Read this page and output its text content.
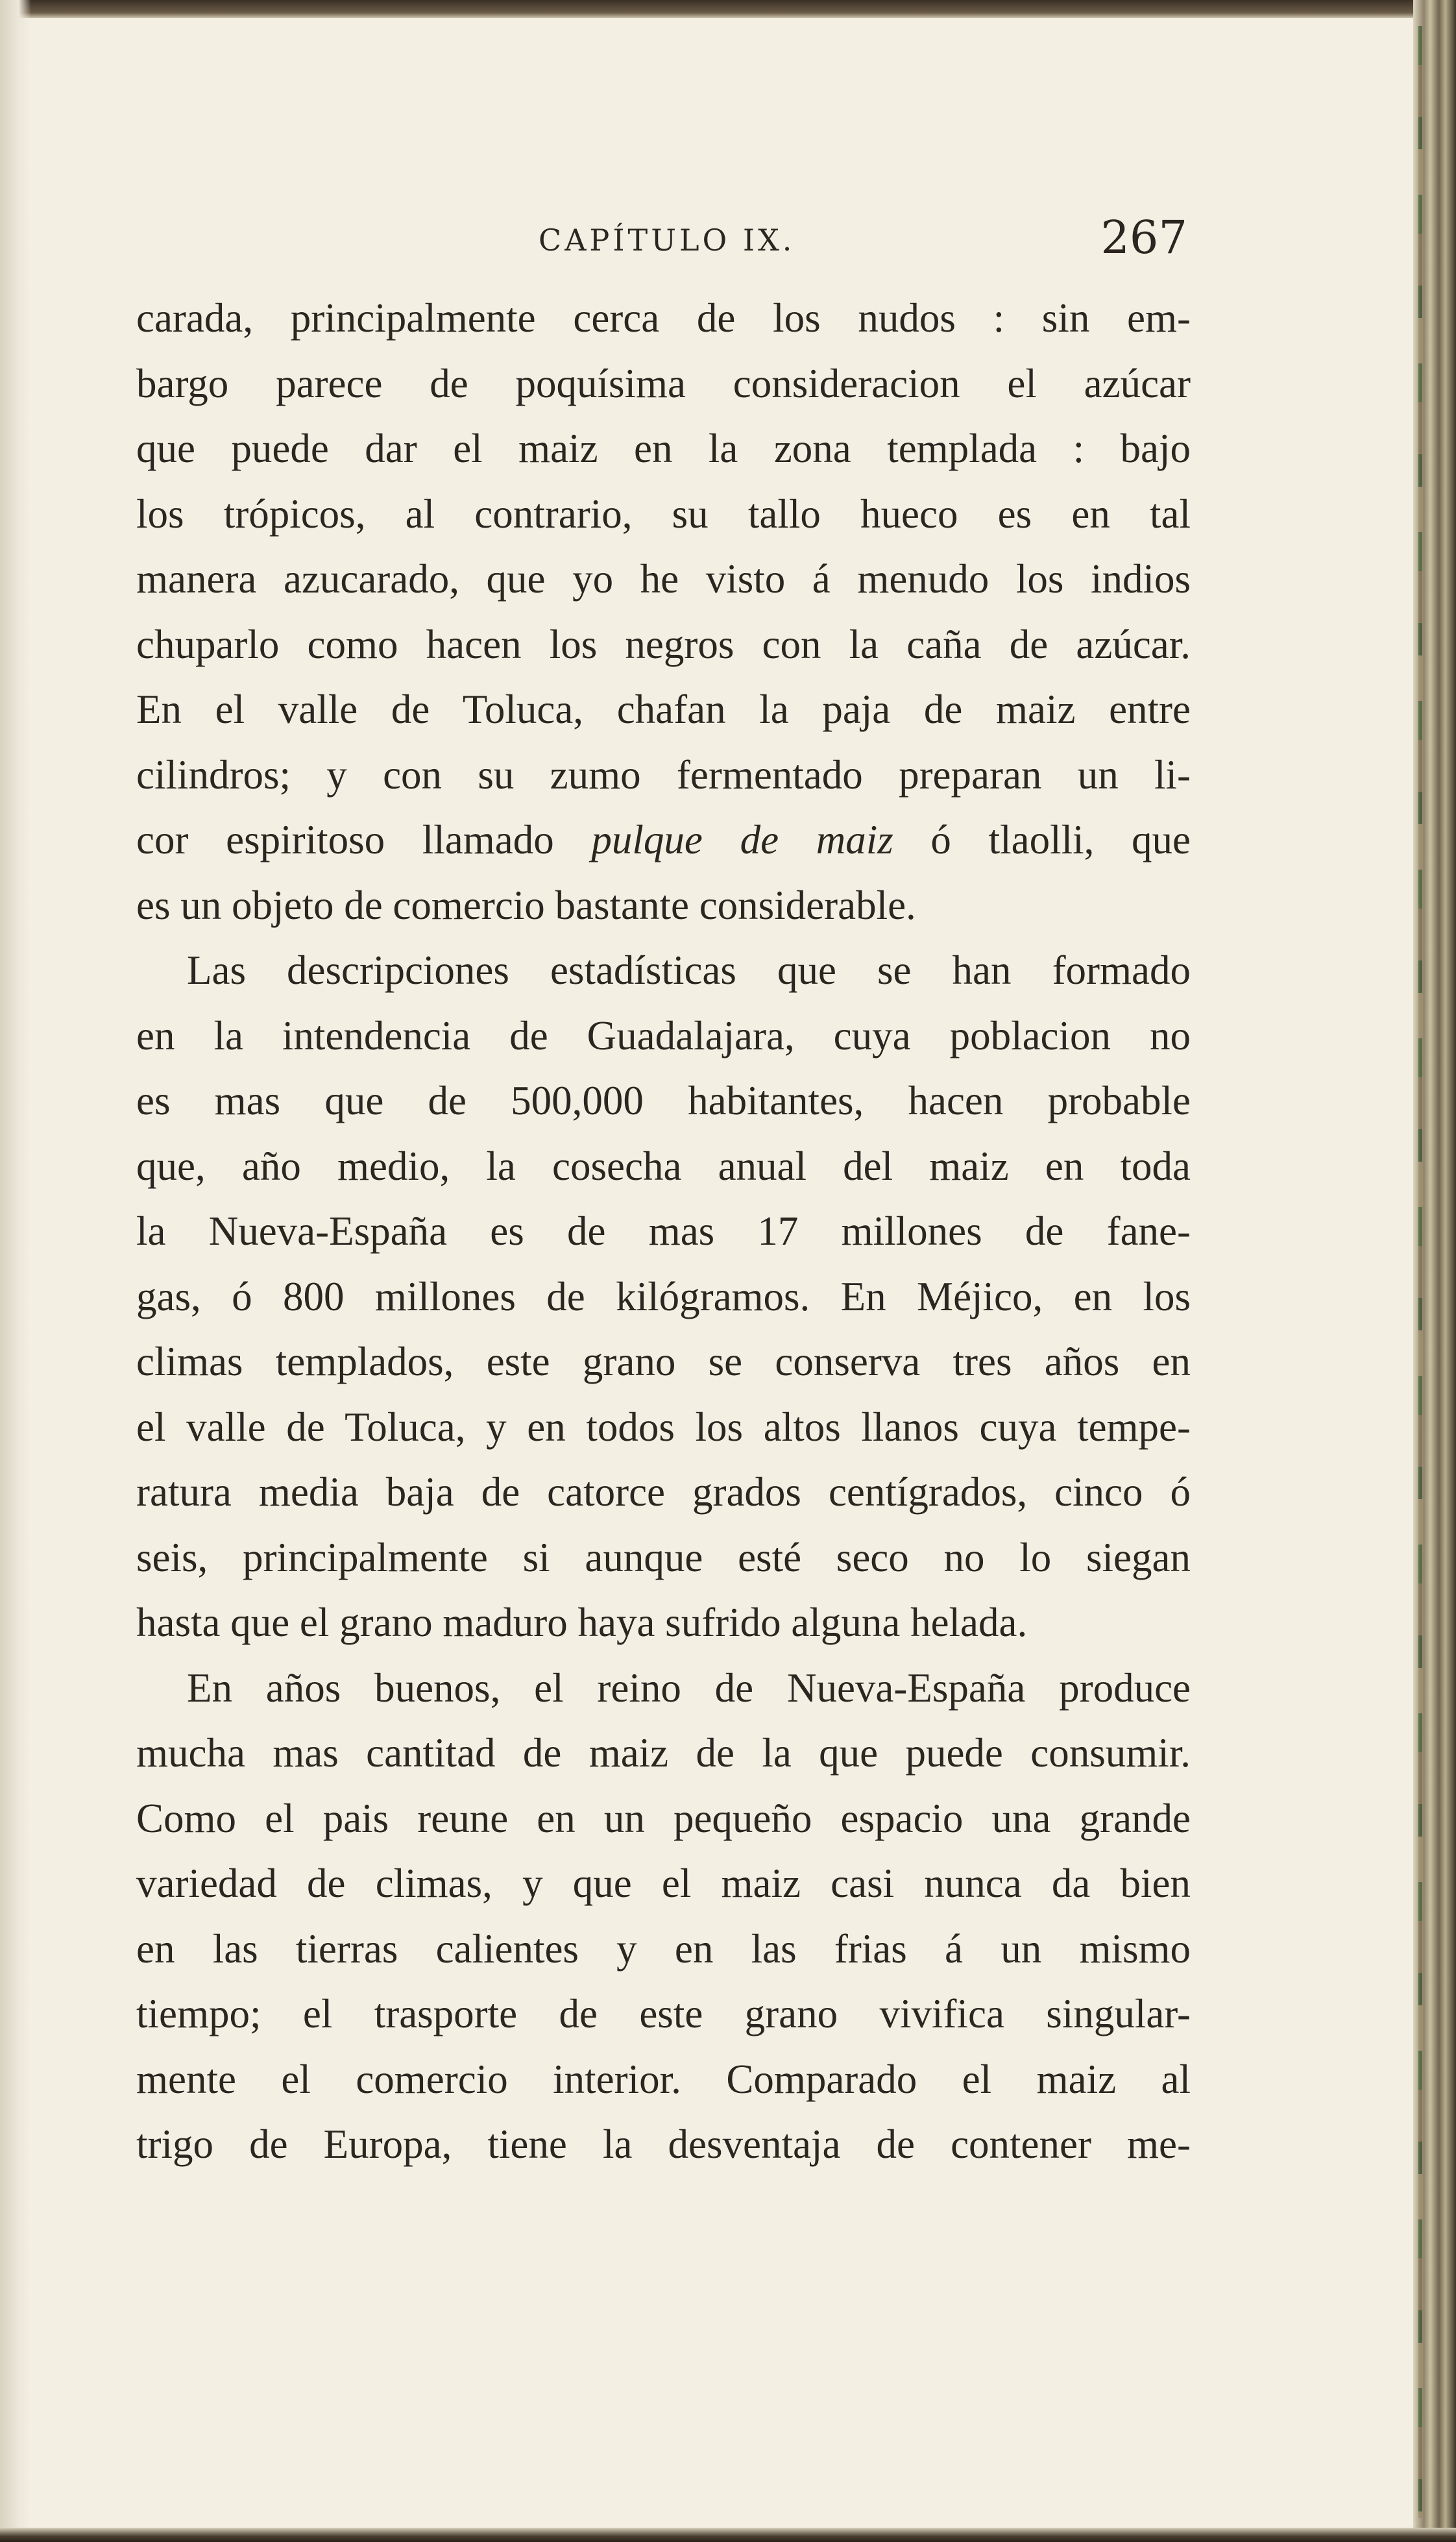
CAPÍTULO IX.	267
carada, principalmente cerca de los nudos : sin em-
bargo parece de poquísima consideracion el azúcar
que puede dar el maiz en la zona templada : bajo
los trópicos, al contrario, su tallo hueco es en tal
manera azucarado, que yo he visto á menudo los indios
chuparlo como hacen los negros con la caña de azúcar.
En el valle de Toluca, chafan la paja de maiz entre
cilindros; y con su zumo fermentado preparan un li-
cor espiritoso llamado pulque de maiz ó tlaolli, que
es un objeto de comercio bastante considerable.
Las descripciones estadísticas que se han formado
en la intendencia de Guadalajara, cuya poblacion no
es mas que de 500,000 habitantes, hacen probable
que, año medio, la cosecha anual del maiz en toda
la Nueva-España es de mas 17 millones de fane-
gas, ó 800 millones de kilógramos. En Méjico, en los
climas templados, este grano se conserva tres años en
el valle de Toluca, y en todos los altos llanos cuya tempe-
ratura media baja de catorce grados centígrados, cinco ó
seis, principalmente si aunque esté seco no lo siegan
hasta que el grano maduro haya sufrido alguna helada.
En años buenos, el reino de Nueva-España produce
mucha mas cantitad de maiz de la que puede consumir.
Como el pais reune en un pequeño espacio una grande
variedad de climas, y que el maiz casi nunca da bien
en las tierras calientes y en las frias á un mismo
tiempo; el trasporte de este grano vivifica singular-
mente el comercio interior. Comparado el maiz al
trigo de Europa, tiene la desventaja de contener me-
